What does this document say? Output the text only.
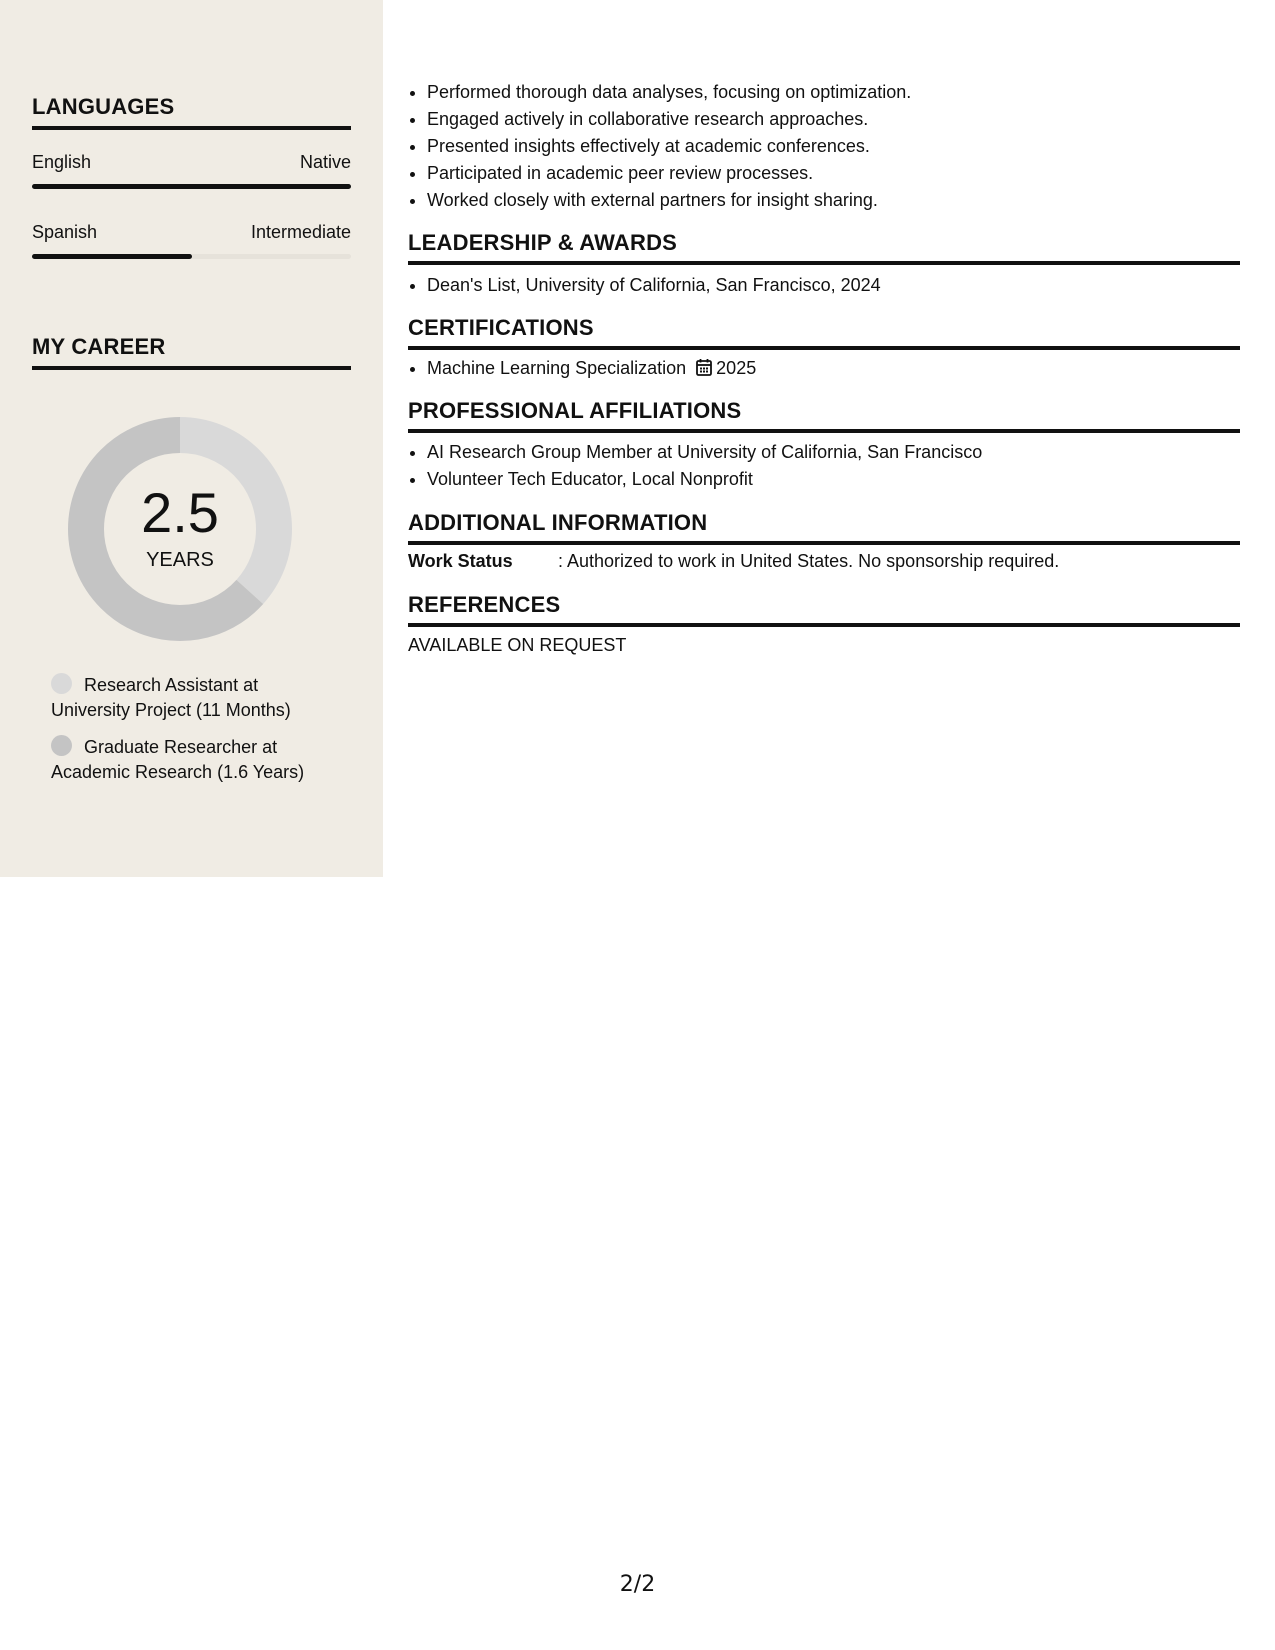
LANGUAGES
English	Native
Spanish	Intermediate
MY CAREER
2.5
YEARS
Research Assistant at University Project (11 Months)
Graduate Researcher at Academic Research (1.6 Years)
• Performed thorough data analyses, focusing on optimization.
• Engaged actively in collaborative research approaches.
• Presented insights effectively at academic conferences.
• Participated in academic peer review processes.
• Worked closely with external partners for insight sharing.
LEADERSHIP & AWARDS
• Dean's List, University of California, San Francisco, 2024
CERTIFICATIONS
• Machine Learning Specialization 2025
PROFESSIONAL AFFILIATIONS
• AI Research Group Member at University of California, San Francisco
• Volunteer Tech Educator, Local Nonprofit
ADDITIONAL INFORMATION
Work Status	: Authorized to work in United States. No sponsorship required.
REFERENCES
AVAILABLE ON REQUEST
2/2
